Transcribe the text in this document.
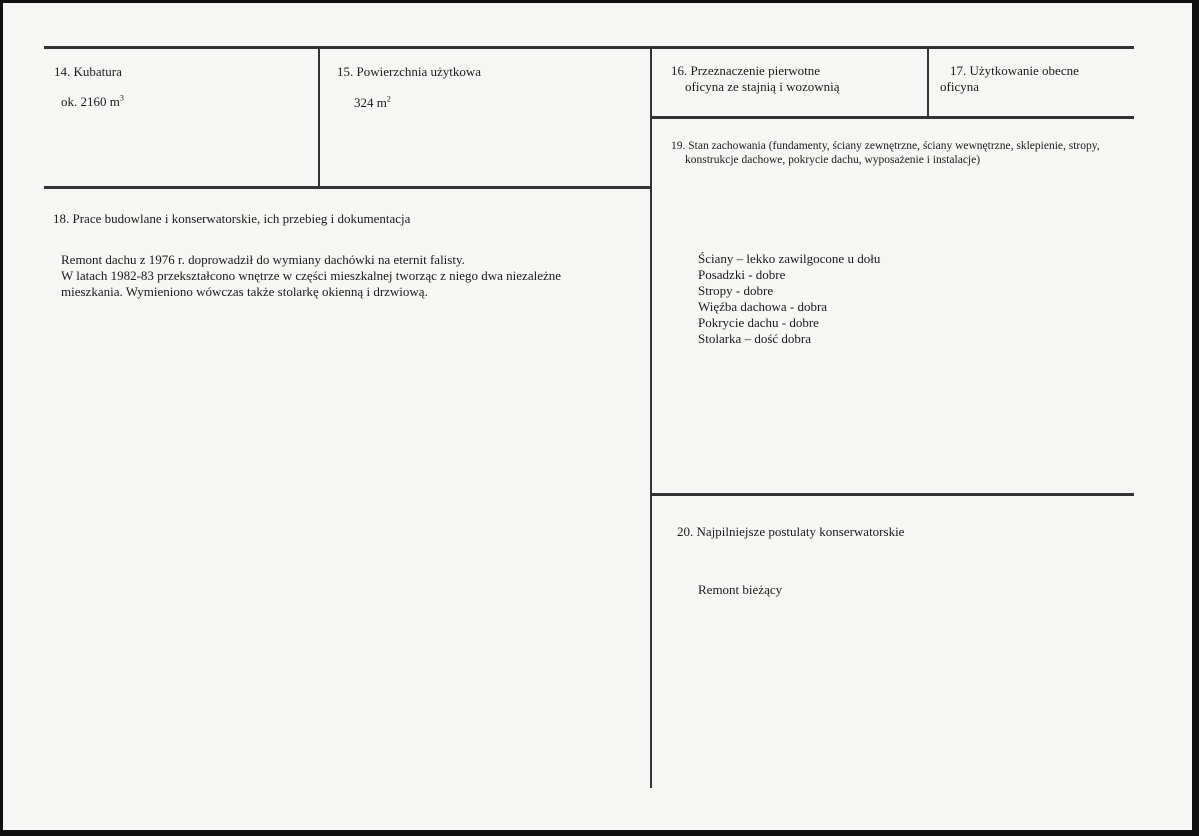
14. Kubatura
ok. 2160 $m^3$
15. Powierzchnia użytkowa
324 $m^2$
16. Przeznaczenie pierwotne
oficyna ze stajnią i wozownią
17. Użytkowanie obecne
oficyna
19. Stan zachowania (fundamenty, ściany zewnętrzne, ściany wewnętrzne, sklepienie, stropy,
konstrukcje dachowe, pokrycie dachu, wyposażenie i instalacje)
Ściany – lekko zawilgocone u dołu
Posadzki - dobre
Stropy - dobre
Więźba dachowa - dobra
Pokrycie dachu - dobre
Stolarka – dość dobra
18. Prace budowlane i konserwatorskie, ich przebieg i dokumentacja
Remont dachu z 1976 r. doprowadził do wymiany dachówki na eternit falisty.
W latach 1982-83 przekształcono wnętrze w części mieszkalnej tworząc z niego dwa niezależne
mieszkania. Wymieniono wówczas także stolarkę okienną i drzwiową.
20. Najpilniejsze postulaty konserwatorskie
Remont bieżący
